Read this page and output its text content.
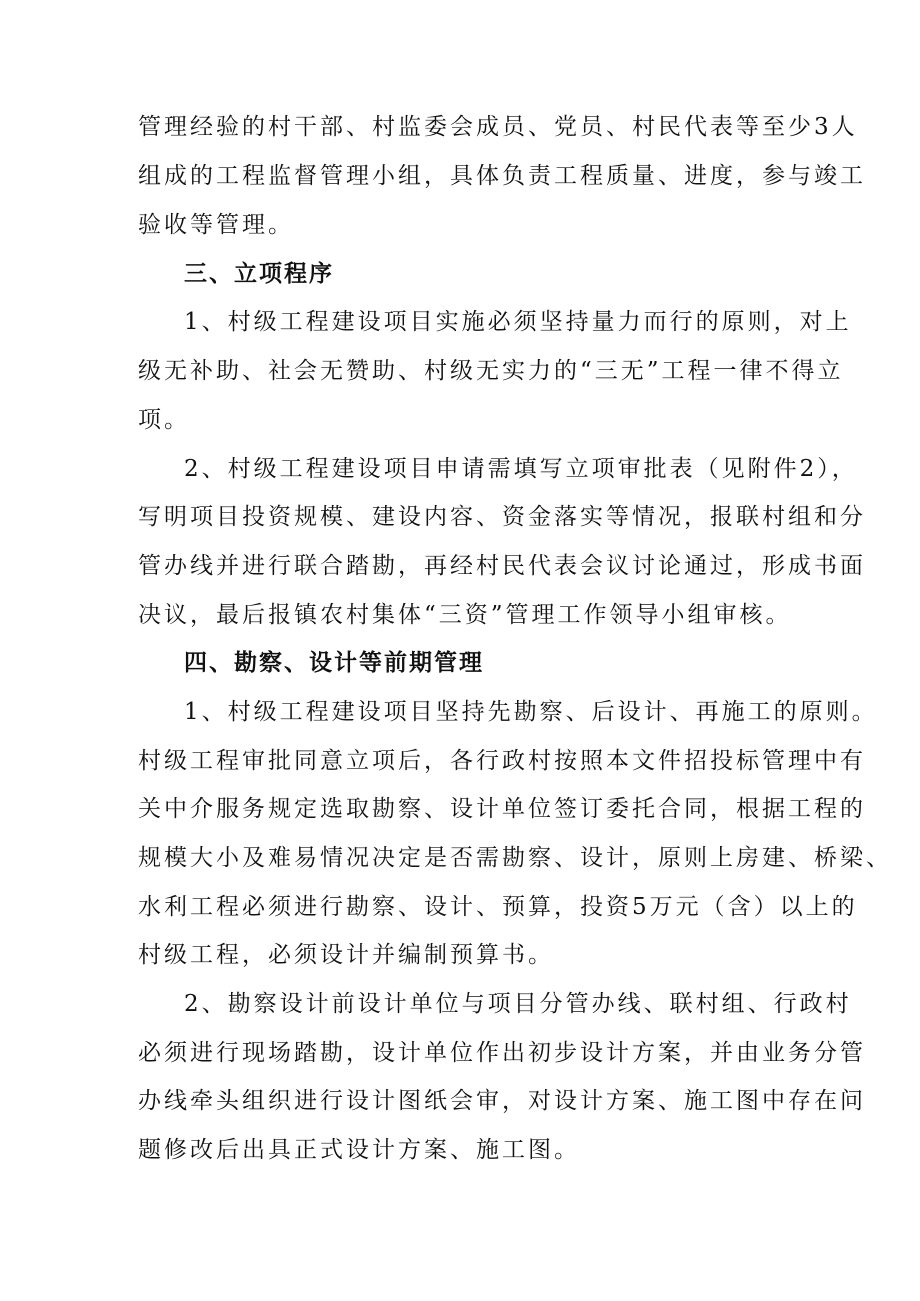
管理经验的村干部、村监委会成员、党员、村民代表等至少3人
组成的工程监督管理小组，具体负责工程质量、进度，参与竣工
验收等管理。
三、立项程序
1、村级工程建设项目实施必须坚持量力而行的原则，对上
级无补助、社会无赞助、村级无实力的“三无”工程一律不得立
项。
2、村级工程建设项目申请需填写立项审批表（见附件2），
写明项目投资规模、建设内容、资金落实等情况，报联村组和分
管办线并进行联合踏勘，再经村民代表会议讨论通过，形成书面
决议，最后报镇农村集体“三资”管理工作领导小组审核。
四、勘察、设计等前期管理
1、村级工程建设项目坚持先勘察、后设计、再施工的原则。
村级工程审批同意立项后，各行政村按照本文件招投标管理中有
关中介服务规定选取勘察、设计单位签订委托合同，根据工程的
规模大小及难易情况决定是否需勘察、设计，原则上房建、桥梁、
水利工程必须进行勘察、设计、预算，投资5万元（含）以上的
村级工程，必须设计并编制预算书。
2、勘察设计前设计单位与项目分管办线、联村组、行政村
必须进行现场踏勘，设计单位作出初步设计方案，并由业务分管
办线牵头组织进行设计图纸会审，对设计方案、施工图中存在问
题修改后出具正式设计方案、施工图。
